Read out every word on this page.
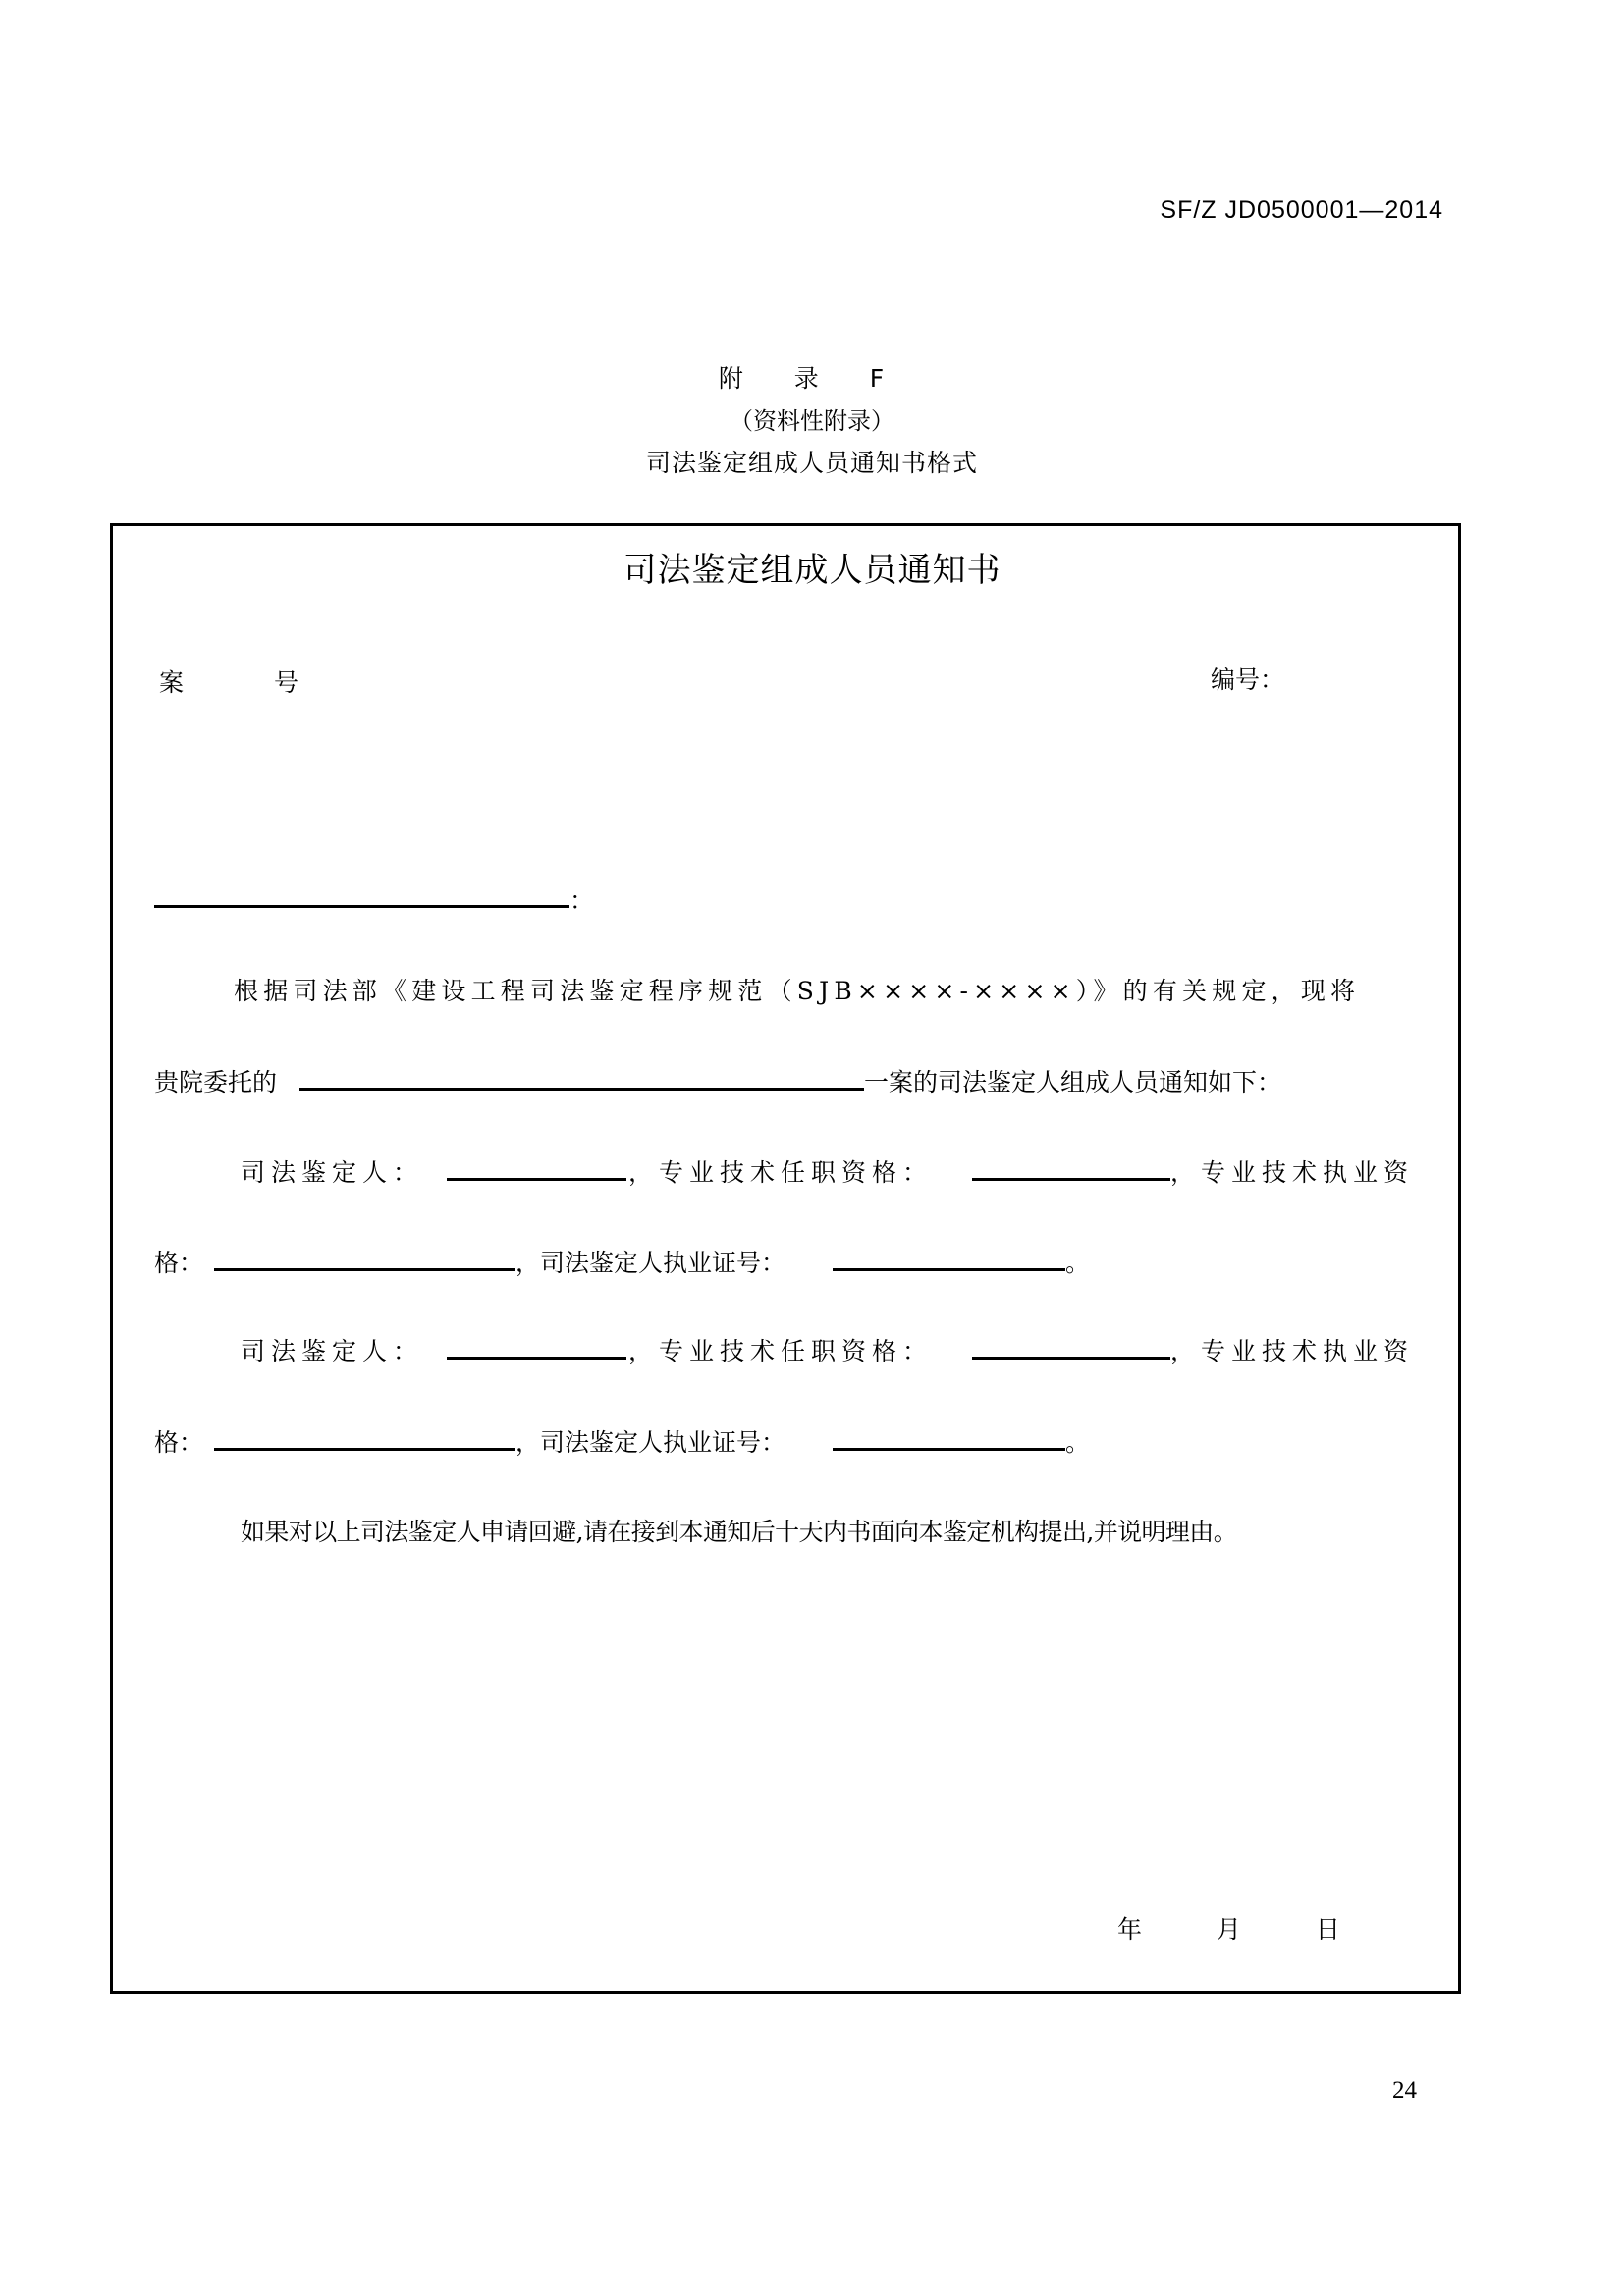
SF/Z JD0500001—2014
附 录 F
（资料性附录）
司法鉴定组成人员通知书格式
司法鉴定组成人员通知书
案 号	编号：
：
根据司法部《建设工程司法鉴定程序规范（SJB××××-××××）》的有关规定，现将
贵院委托的	一案的司法鉴定人组成人员通知如下：
司法鉴定人：	，专业技术任职资格：	，专业技术执业资
格：	，司法鉴定人执业证号：	。
司法鉴定人：	，专业技术任职资格：	，专业技术执业资
格：	，司法鉴定人执业证号：	。
如果对以上司法鉴定人申请回避,请在接到本通知后十天内书面向本鉴定机构提出,并说明理由。
年 月 日
24
